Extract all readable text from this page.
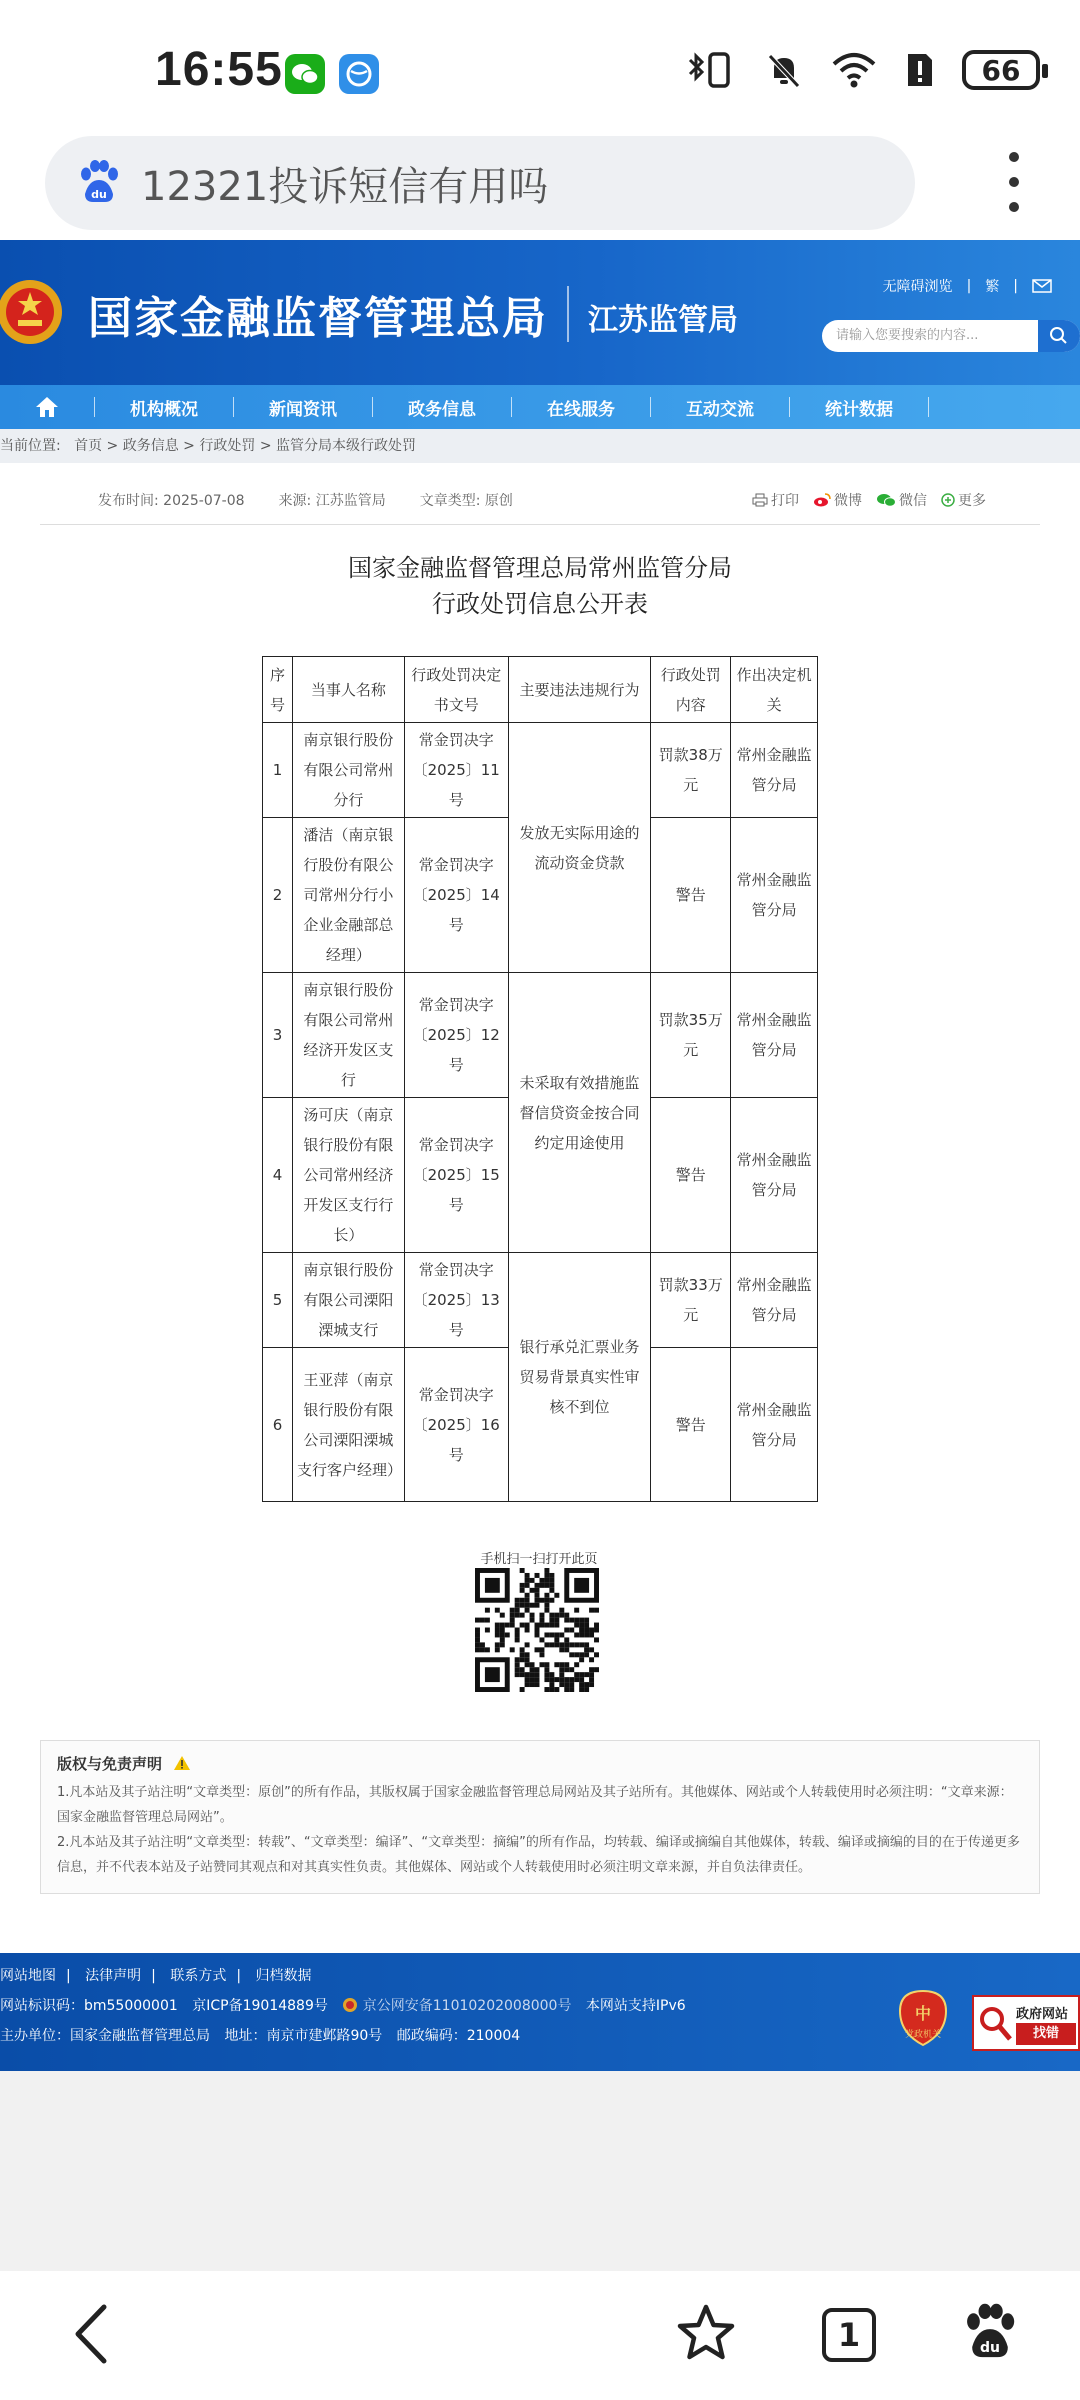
16:55	66
du 12321投诉短信有用吗
国家金融监督管理总局 江苏监管局
无障碍浏览 | 繁 |
请输入您要搜索的内容...
机构概况	新闻资讯	政务信息	在线服务	互动交流	统计数据
当前位置: 首页 > 政务信息 > 行政处罚 > 监管分局本级行政处罚
发布时间: 2025-07-08 来源: 江苏监管局 文章类型: 原创	打印	微博	微信 更多
国家金融监督管理总局常州监管分局
行政处罚信息公开表
序号	当事人名称	行政处罚决定书文号	主要违法违规行为	行政处罚内容	作出决定机关
1	南京银行股份有限公司常州分行	常金罚决字〔2025〕11号	发放无实际用途的流动资金贷款	罚款38万元	常州金融监管分局
2	潘洁（南京银行股份有限公司常州分行小企业金融部总经理）	常金罚决字〔2025〕14号		警告	常州金融监管分局
3	南京银行股份有限公司常州经济开发区支行	常金罚决字〔2025〕12号	未采取有效措施监督信贷资金按合同约定用途使用	罚款35万元	常州金融监管分局
4	汤可庆（南京银行股份有限公司常州经济开发区支行行长）	常金罚决字〔2025〕15号		警告	常州金融监管分局
5	南京银行股份有限公司溧阳溧城支行	常金罚决字〔2025〕13号	银行承兑汇票业务贸易背景真实性审核不到位	罚款33万元	常州金融监管分局
6	王亚萍（南京银行股份有限公司溧阳溧城支行客户经理）	常金罚决字〔2025〕16号		警告	常州金融监管分局
手机扫一扫打开此页
版权与免责声明
1.凡本站及其子站注明“文章类型：原创”的所有作品，其版权属于国家金融监督管理总局网站及其子站所有。其他媒体、网站或个人转载使用时必须注明：“文章来源：国家金融监督管理总局网站”。
2.凡本站及其子站注明“文章类型：转载”、“文章类型：编译”、“文章类型：摘编”的所有作品，均转载、编译或摘编自其他媒体，转载、编译或摘编的目的在于传递更多信息，并不代表本站及子站赞同其观点和对其真实性负责。其他媒体、网站或个人转载使用时必须注明文章来源，并自负法律责任。
网站地图 | 法律声明 | 联系方式 | 归档数据
网站标识码：bm55000001 京ICP备19014889号 京公网安备11010202008000号 本网站支持IPv6
主办单位：国家金融监督管理总局 地址：南京市建邺路90号 邮政编码：210004
中
党政机关
政府网站
找错
1	du
